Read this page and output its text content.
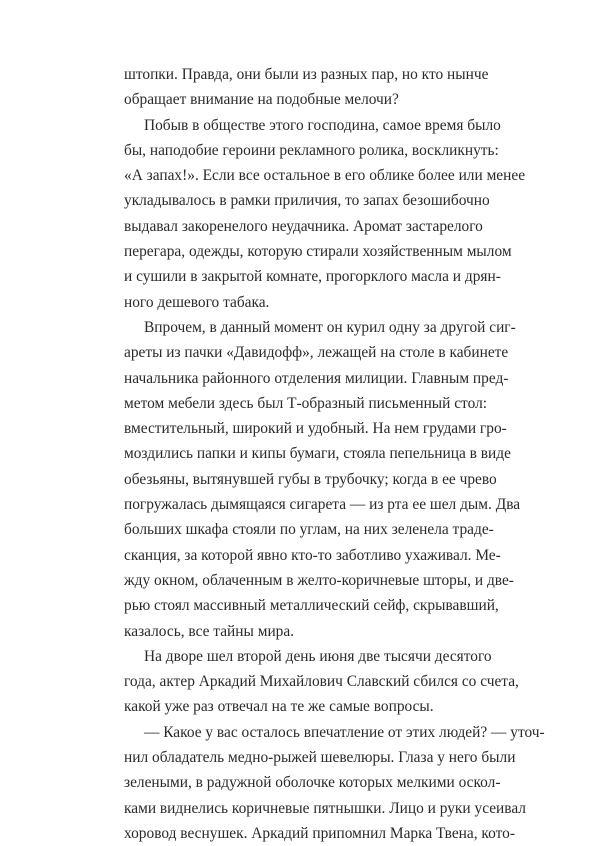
штопки. Правда, они были из разных пар, но кто нынче
обращает внимание на подобные мелочи?
Побыв в обществе этого господина, самое время было
бы, наподобие героини рекламного ролика, воскликнуть:
«А запах!». Если все остальное в его облике более или менее
укладывалось в рамки приличия, то запах безошибочно
выдавал закоренелого неудачника. Аромат застарелого
перегара, одежды, которую стирали хозяйственным мылом
и сушили в закрытой комнате, прогорклого масла и дрян-
ного дешевого табака.
Впрочем, в данный момент он курил одну за другой сиг-
ареты из пачки «Давидофф», лежащей на столе в кабинете
начальника районного отделения милиции. Главным пред-
метом мебели здесь был Т-образный письменный стол:
вместительный, широкий и удобный. На нем грудами гро-
моздились папки и кипы бумаги, стояла пепельница в виде
обезьяны, вытянувшей губы в трубочку; когда в ее чрево
погружалась дымящаяся сигарета — из рта ее шел дым. Два
больших шкафа стояли по углам, на них зеленела траде-
сканция, за которой явно кто-то заботливо ухаживал. Ме-
жду окном, облаченным в желто-коричневые шторы, и две-
рью стоял массивный металлический сейф, скрывавший,
казалось, все тайны мира.
На дворе шел второй день июня две тысячи десятого
года, актер Аркадий Михайлович Славский сбился со счета,
какой уже раз отвечал на те же самые вопросы.
— Какое у вас осталось впечатление от этих людей? — уточ-
нил обладатель медно-рыжей шевелюры. Глаза у него были
зелеными, в радужной оболочке которых мелкими оскол-
ками виднелись коричневые пятнышки. Лицо и руки усеивал
хоровод веснушек. Аркадий припомнил Марка Твена, кото-
